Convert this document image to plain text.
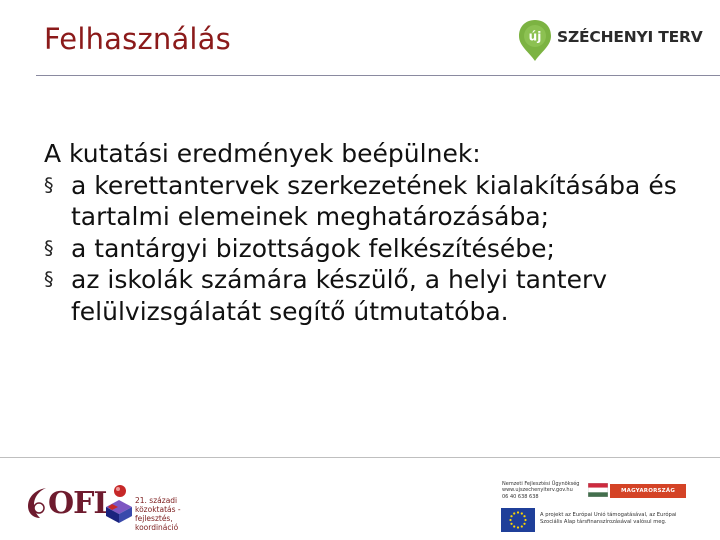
Felhasználás	új SZÉCHENYI TERV

A kutatási eredmények beépülnek:

§ a kerettantervek szerkezetének kialakításába és tartalmi elemeinek meghatározásába;
§ a tantárgyi bizottságok felkészítésébe;
§ az iskolák számára készülő, a helyi tanterv felülvizsgálatát segítő útmutatóba.
OFI	21. századi közoktatás - fejlesztés, koordináció
Nemzeti Fejlesztési Ügynökség
www.ujszechenyiterv.gov.hu
06 40 638 638
MAGYARORSZÁG MEGÚJUL
A projekt az Európai Unió támogatásával, az Európai Szociális Alap társfinanszírozásával valósul meg.
